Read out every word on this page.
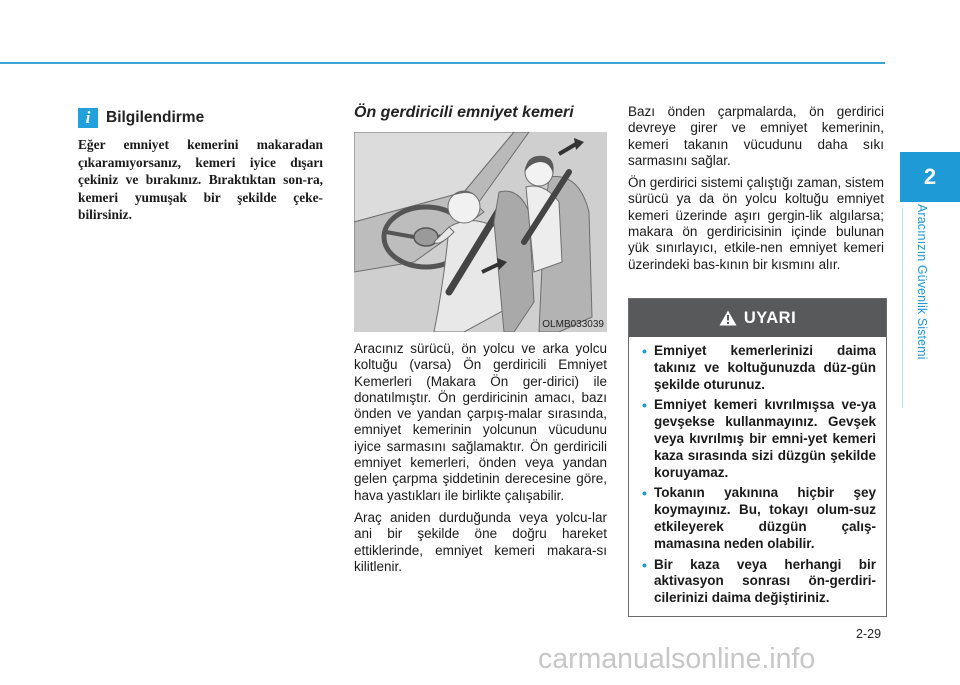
2
Aracınızın Güvenlik Sistemi
i	Bilgilendirme
Eğer emniyet kemerini makaradan çıkaramıyorsanız, kemeri iyice dışarı çekiniz ve bırakınız. Bıraktıktan son-ra, kemeri yumuşak bir şekilde çeke-bilirsiniz.
Ön gerdiricili emniyet kemeri
OLMB033039

Aracınız sürücü, ön yolcu ve arka yolcu koltuğu (varsa) Ön gerdiricili Emniyet Kemerleri (Makara Ön ger-dirici) ile donatılmıştır. Ön gerdiricinin amacı, bazı önden ve yandan çarpış-malar sırasında, emniyet kemerinin yolcunun vücudunu iyice sarmasını sağlamaktır. Ön gerdiricili emniyet kemerleri, önden veya yandan gelen çarpma şiddetinin derecesine göre, hava yastıkları ile birlikte çalışabilir.

Araç aniden durduğunda veya yolcu-lar ani bir şekilde öne doğru hareket ettiklerinde, emniyet kemeri makara-sı kilitlenir.

Bazı önden çarpmalarda, ön gerdirici devreye girer ve emniyet kemerinin, kemeri takanın vücudunu daha sıkı sarmasını sağlar.

Ön gerdirici sistemi çalıştığı zaman, sistem sürücü ya da ön yolcu koltuğu emniyet kemeri üzerinde aşırı gergin-lik algılarsa; makara ön gerdiricisinin içinde bulunan yük sınırlayıcı, etkile-nen emniyet kemeri üzerindeki bas-kının bir kısmını alır.

UYARI
• Emniyet kemerlerinizi daima takınız ve koltuğunuzda düz-gün şekilde oturunuz.
• Emniyet kemeri kıvrılmışsa ve-ya gevşekse kullanmayınız. Gevşek veya kıvrılmış bir emni-yet kemeri kaza sırasında sizi düzgün şekilde koruyamaz.
• Tokanın yakınına hiçbir şey koymayınız. Bu, tokayı olum-suz etkileyerek düzgün çalış-mamasına neden olabilir.
• Bir kaza veya herhangi bir aktivasyon sonrası ön-gerdiri-cilerinizi daima değiştiriniz.
2-29
carmanualsonline.info
